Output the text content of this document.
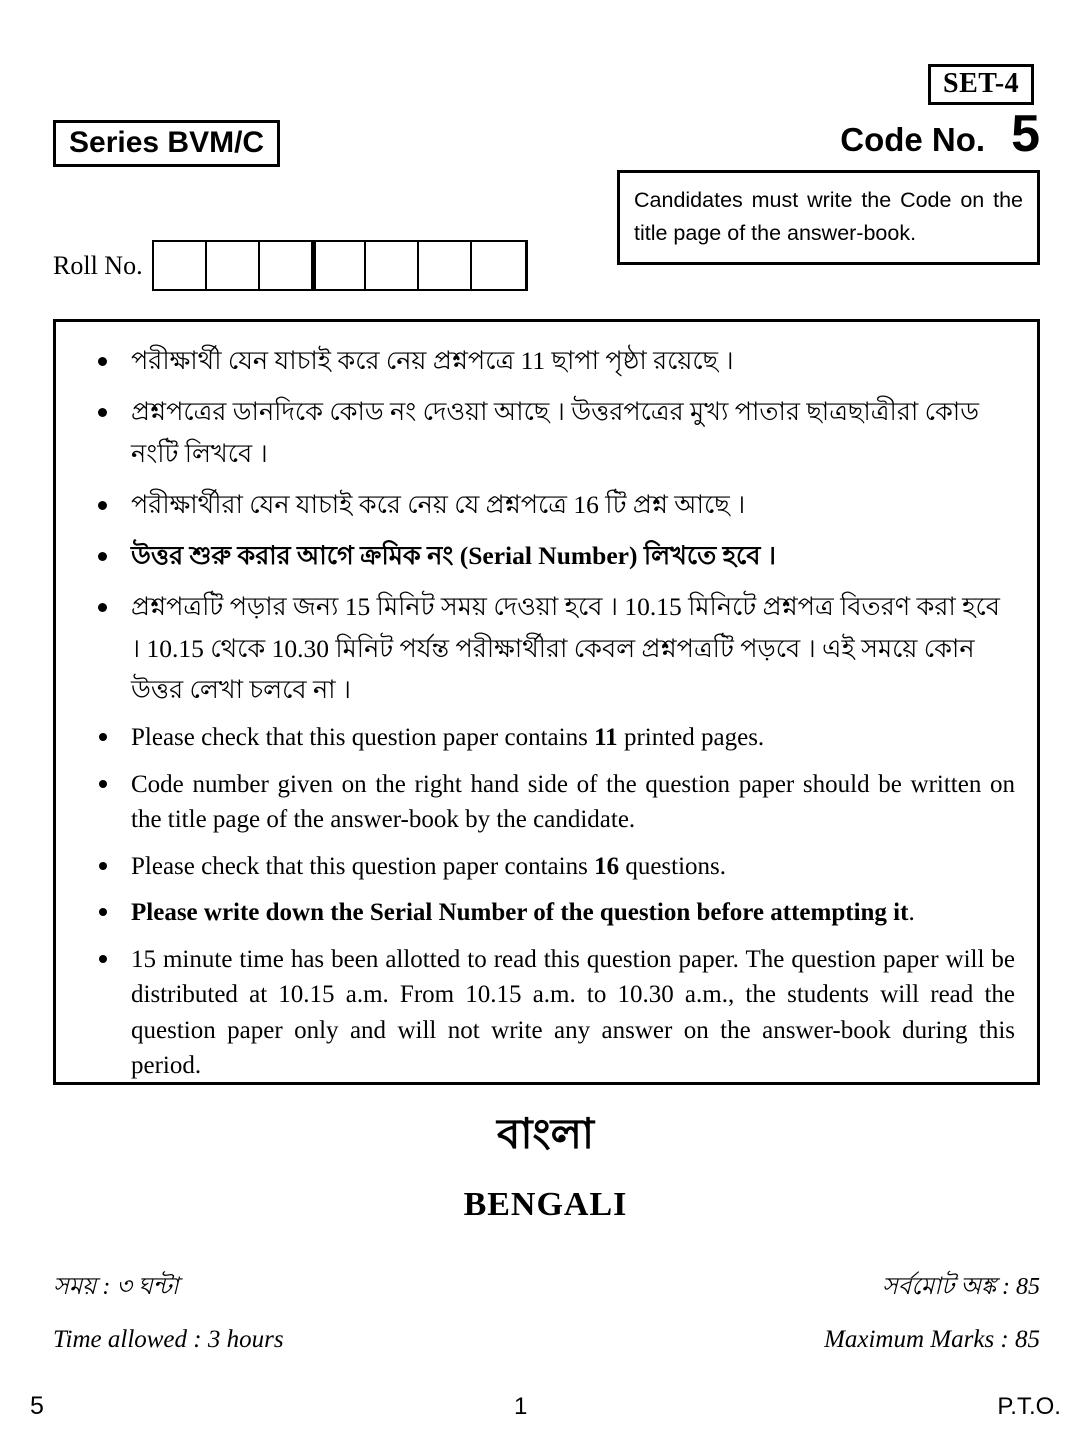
SET-4
Series BVM/C	Code No. 5
Candidates must write the Code on the title page of the answer-book.
Roll No.
পরীক্ষার্থী যেন যাচাই করে নেয় প্রশ্নপত্রে 11 ছাপা পৃষ্ঠা রয়েছে ।
প্রশ্নপত্রের ডানদিকে কোড নং দেওয়া আছে । উত্তরপত্রের মুখ্য পাতার ছাত্রছাত্রীরা কোড নংটি লিখবে ।
পরীক্ষার্থীরা যেন যাচাই করে নেয় যে প্রশ্নপত্রে 16 টি প্রশ্ন আছে ।
উত্তর শুরু করার আগে ক্রমিক নং (Serial Number) লিখতে হবে ।
প্রশ্নপত্রটি পড়ার জন্য 15 মিনিট সময় দেওয়া হবে । 10.15 মিনিটে প্রশ্নপত্র বিতরণ করা হবে । 10.15 থেকে 10.30 মিনিট পর্যন্ত পরীক্ষার্থীরা কেবল প্রশ্নপত্রটি পড়বে । এই সময়ে কোন উত্তর লেখা চলবে না ।
Please check that this question paper contains 11 printed pages.
Code number given on the right hand side of the question paper should be written on the title page of the answer-book by the candidate.
Please check that this question paper contains 16 questions.
Please write down the Serial Number of the question before attempting it.
15 minute time has been allotted to read this question paper. The question paper will be distributed at 10.15 a.m. From 10.15 a.m. to 10.30 a.m., the students will read the question paper only and will not write any answer on the answer-book during this period.
বাংলা
BENGALI
সময় : ৩ ঘন্টা	সর্বমোট অঙ্ক : 85
Time allowed : 3 hours	Maximum Marks : 85
5	1	P.T.O.
